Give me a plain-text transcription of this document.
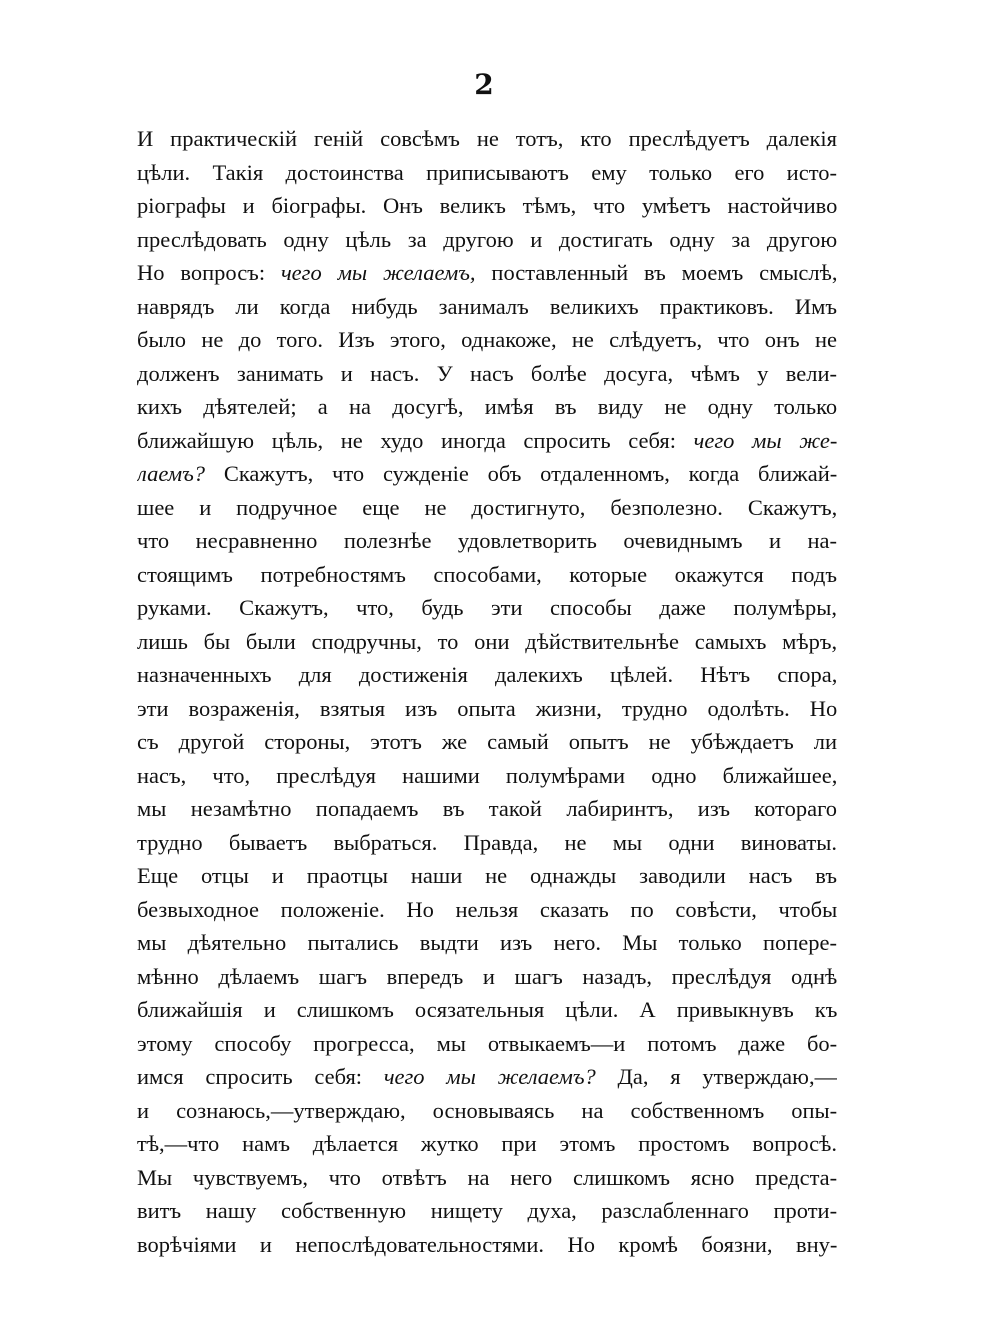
2
И практическій геній совсѣмъ не тотъ, кто преслѣдуетъ далекія
цѣли. Такія достоинства приписываютъ ему только его исто-
ріографы и біографы. Онъ великъ тѣмъ, что умѣетъ настойчиво
преслѣдовать одну цѣль за другою и достигать одну за другою
Но вопросъ: чего мы желаемъ, поставленный въ моемъ смыслѣ,
наврядъ ли когда нибудь занималъ великихъ практиковъ. Имъ
было не до того. Изъ этого, однакоже, не слѣдуетъ, что онъ не
долженъ занимать и насъ. У насъ болѣе досуга, чѣмъ у вели-
кихъ дѣятелей; а на досугѣ, имѣя въ виду не одну только
ближайшую цѣль, не худо иногда спросить себя: чего мы же-
лаемъ? Скажутъ, что сужденіе объ отдаленномъ, когда ближай-
шее и подручное еще не достигнуто, безполезно. Скажутъ,
что несравненно полезнѣе удовлетворить очевиднымъ и на-
стоящимъ потребностямъ способами, которые окажутся подъ
руками. Скажутъ, что, будь эти способы даже полумѣры,
лишь бы были сподручны, то они дѣйствительнѣе самыхъ мѣръ,
назначенныхъ для достиженія далекихъ цѣлей. Нѣтъ спора,
эти возраженія, взятыя изъ опыта жизни, трудно одолѣть. Но
съ другой стороны, этотъ же самый опытъ не убѣждаетъ ли
насъ, что, преслѣдуя нашими полумѣрами одно ближайшее,
мы незамѣтно попадаемъ въ такой лабиринтъ, изъ котораго
трудно бываетъ выбраться. Правда, не мы одни виноваты.
Еще отцы и праотцы наши не однажды заводили насъ въ
безвыходное положеніе. Но нельзя сказать по совѣсти, чтобы
мы дѣятельно пытались выдти изъ него. Мы только попере-
мѣнно дѣлаемъ шагъ впередъ и шагъ назадъ, преслѣдуя однѣ
ближайшія и слишкомъ осязательныя цѣли. А привыкнувъ къ
этому способу прогресса, мы отвыкаемъ—и потомъ даже бо-
имся спросить себя: чего мы желаемъ? Да, я утверждаю,—
и сознаюсь,—утверждаю, основываясь на собственномъ опы-
тѣ,—что намъ дѣлается жутко при этомъ простомъ вопросѣ.
Мы чувствуемъ, что отвѣтъ на него слишкомъ ясно предста-
витъ нашу собственную нищету духа, разслабленнаго проти-
ворѣчіями и непослѣдовательностями. Но кромѣ боязни, вну-
